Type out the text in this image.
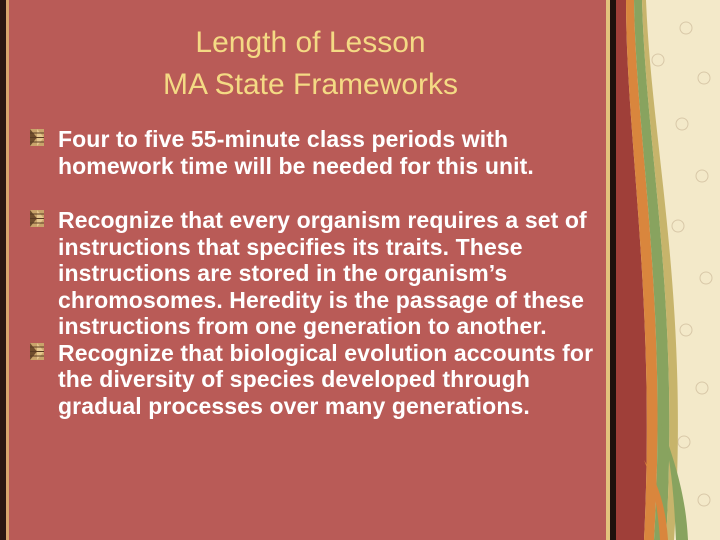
Length of Lesson
MA State Frameworks
Four to five 55-minute class periods with homework time will be needed for this unit.
Recognize that every organism requires a set of instructions that specifies its traits. These instructions are stored in the organism’s chromosomes. Heredity is the passage of these instructions from one generation to another.
Recognize that biological evolution accounts for the diversity of species developed through gradual processes over many generations.
